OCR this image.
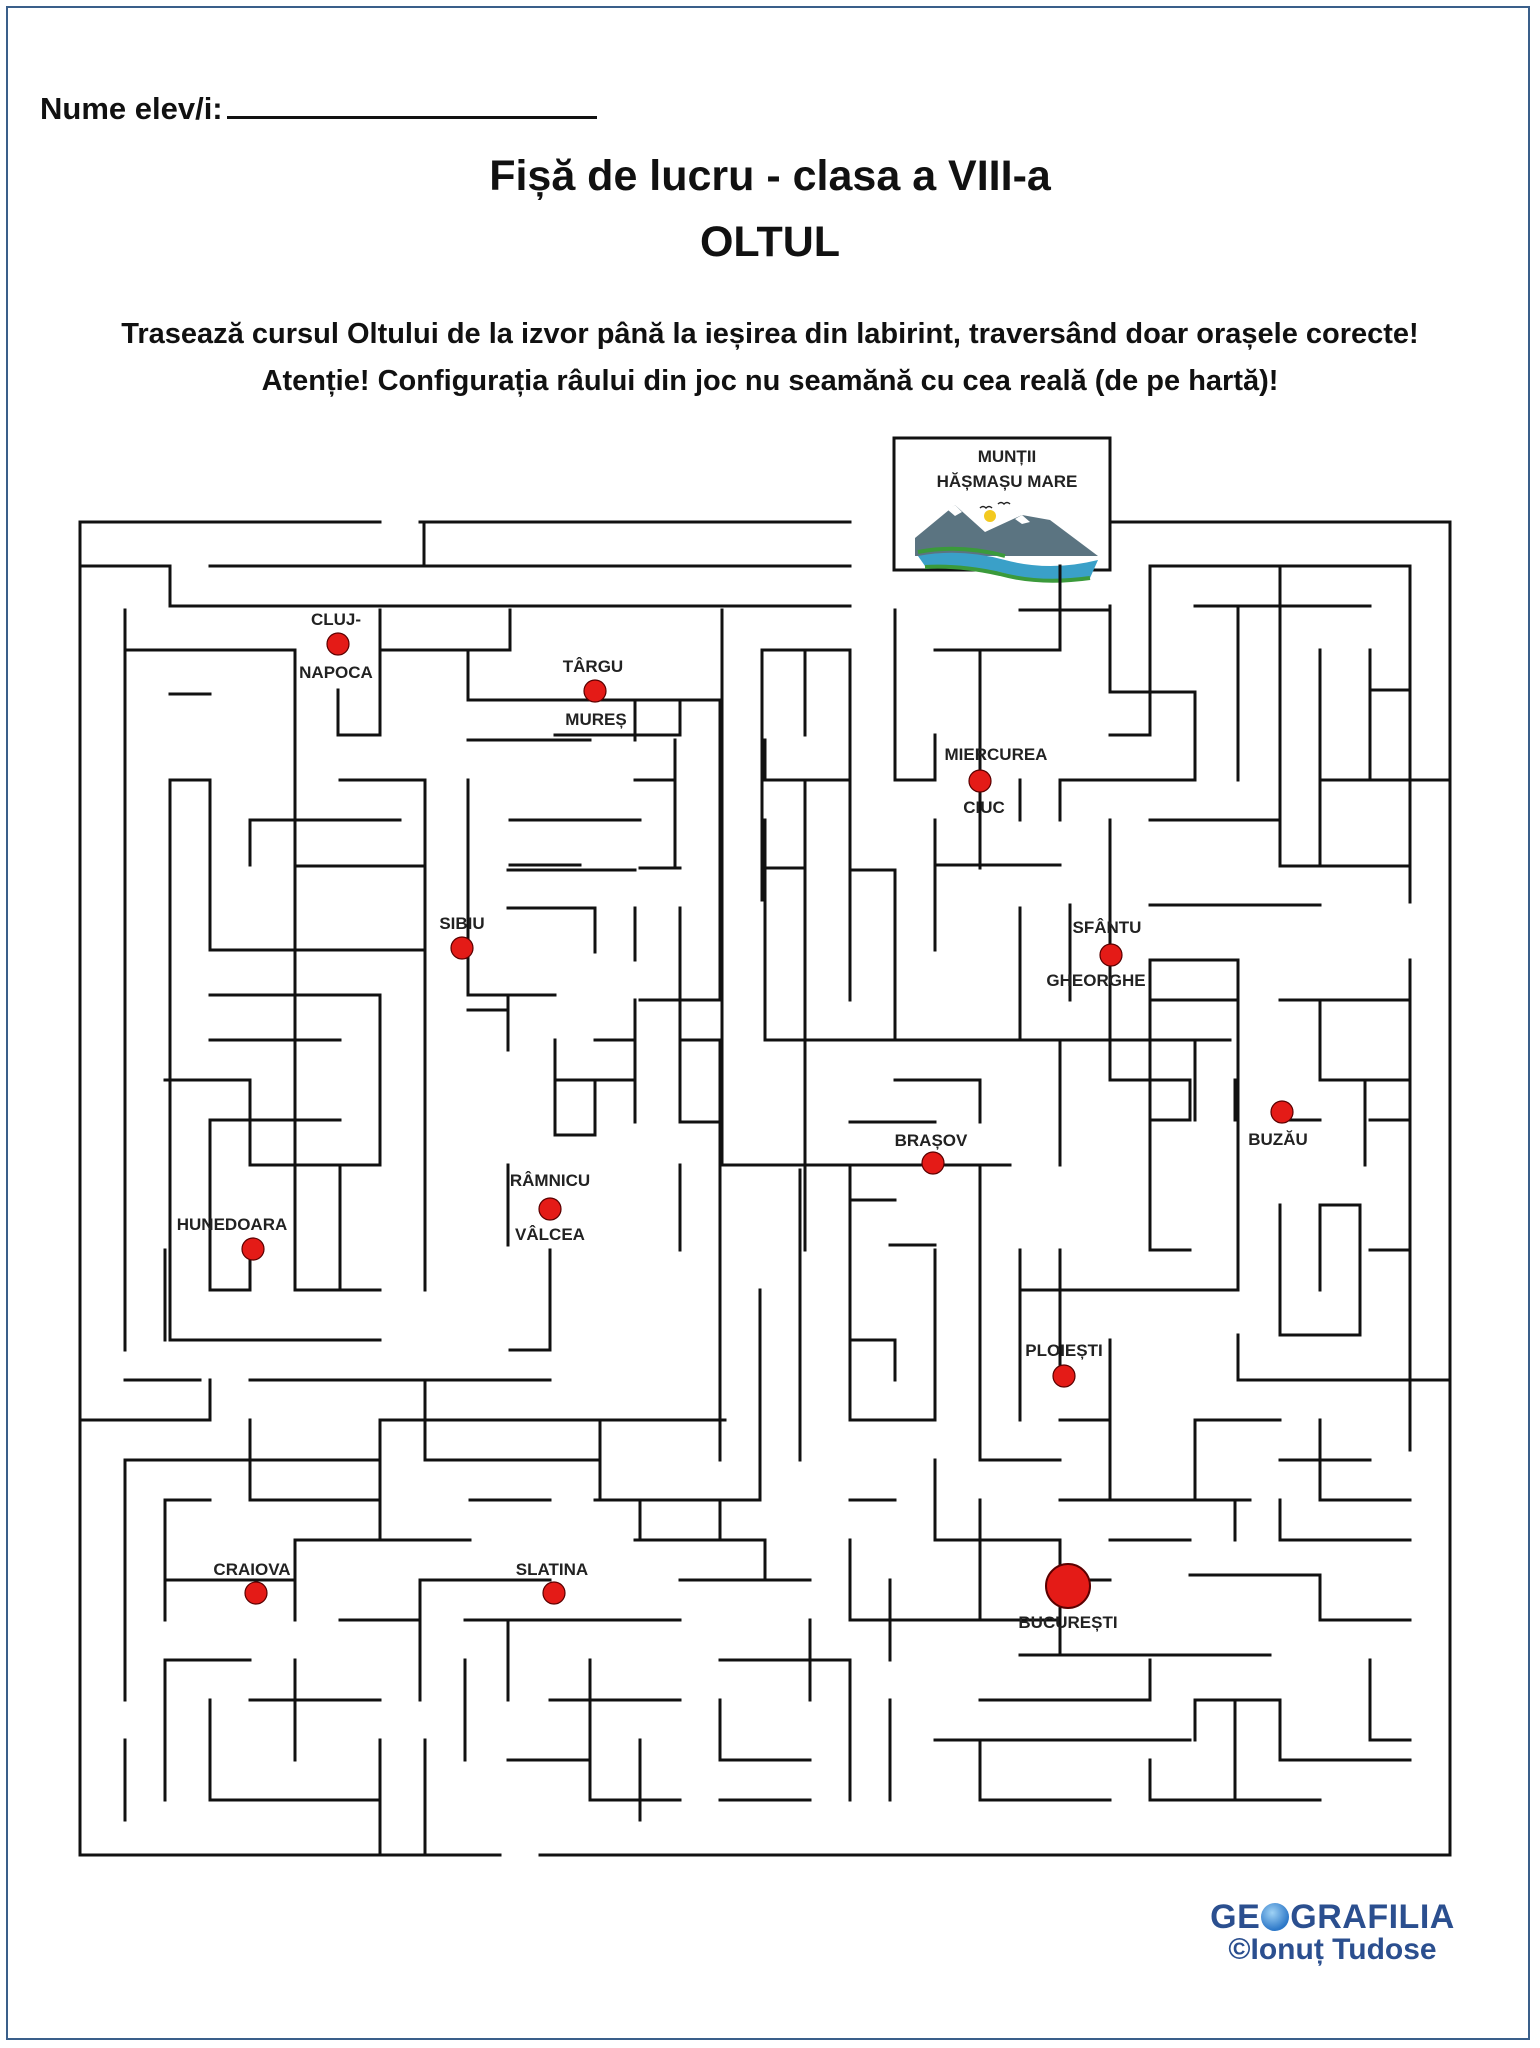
Nume elev/i:
Fișă de lucru - clasa a VIII-a
OLTUL
Trasează cursul Oltului de la izvor până la ieșirea din labirint, traversând doar orașele corecte!
Atenție! Configurația râului din joc nu seamănă cu cea reală (de pe hartă)!
MUNȚII
HĂȘMAȘU MARE
CLUJ-
NAPOCA	TÂRGU
MUREȘ
MIERCUREA
CIUC
SIBIU	SFÂNTU
GHEORGHE
BRAȘOV	BUZĂU
RÂMNICU
VÂLCEA
HUNEDOARA
PLOIEȘTI
CRAIOVA	SLATINA
BUCUREȘTI
GE GRAFILIA
©Ionuț Tudose
